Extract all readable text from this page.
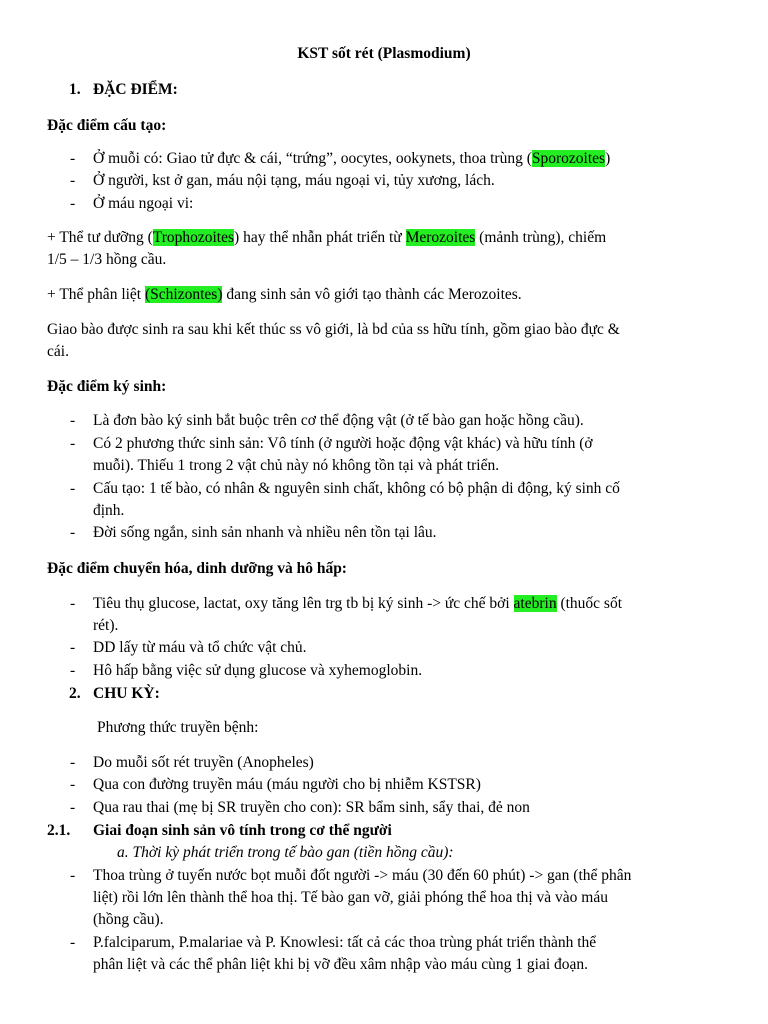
KST sốt rét (Plasmodium)
1. ĐẶC ĐIỂM:
Đặc điểm cấu tạo:
- Ở muỗi có: Giao tử đực & cái, “trứng”, oocytes, ookynets, thoa trùng (Sporozoites)
- Ở người, kst ở gan, máu nội tạng, máu ngoại vi, tủy xương, lách.
- Ở máu ngoại vi:
+ Thể tư dưỡng (Trophozoites) hay thể nhẫn phát triển từ Merozoites (mảnh trùng), chiếm
1/5 – 1/3 hồng cầu.
+ Thể phân liệt (Schizontes) đang sinh sản vô giới tạo thành các Merozoites.
Giao bào được sinh ra sau khi kết thúc ss vô giới, là bd của ss hữu tính, gồm giao bào đực &
cái.
Đặc điểm ký sinh:
- Là đơn bào ký sinh bắt buộc trên cơ thể động vật (ở tế bào gan hoặc hồng cầu).
- Có 2 phương thức sinh sản: Vô tính (ở người hoặc động vật khác) và hữu tính (ở
muỗi). Thiếu 1 trong 2 vật chủ này nó không tồn tại và phát triển.
- Cấu tạo: 1 tế bào, có nhân & nguyên sinh chất, không có bộ phận di động, ký sinh cố
định.
- Đời sống ngắn, sinh sản nhanh và nhiều nên tồn tại lâu.
Đặc điểm chuyển hóa, dinh dưỡng và hô hấp:
- Tiêu thụ glucose, lactat, oxy tăng lên trg tb bị ký sinh -> ức chế bởi atebrin (thuốc sốt
rét).
- DD lấy từ máu và tổ chức vật chủ.
- Hô hấp bằng việc sử dụng glucose và xyhemoglobin.
2. CHU KỲ:
Phương thức truyền bệnh:
- Do muỗi sốt rét truyền (Anopheles)
- Qua con đường truyền máu (máu người cho bị nhiễm KSTSR)
- Qua rau thai (mẹ bị SR truyền cho con): SR bẩm sinh, sẩy thai, đẻ non
2.1. Giai đoạn sinh sản vô tính trong cơ thể người
a. Thời kỳ phát triển trong tế bào gan (tiền hồng cầu):
- Thoa trùng ở tuyến nước bọt muỗi đốt người -> máu (30 đến 60 phút) -> gan (thể phân
liệt) rồi lớn lên thành thể hoa thị. Tế bào gan vỡ, giải phóng thể hoa thị và vào máu
(hồng cầu).
- P.falciparum, P.malariae và P. Knowlesi: tất cả các thoa trùng phát triển thành thể
phân liệt và các thể phân liệt khi bị vỡ đều xâm nhập vào máu cùng 1 giai đoạn.
